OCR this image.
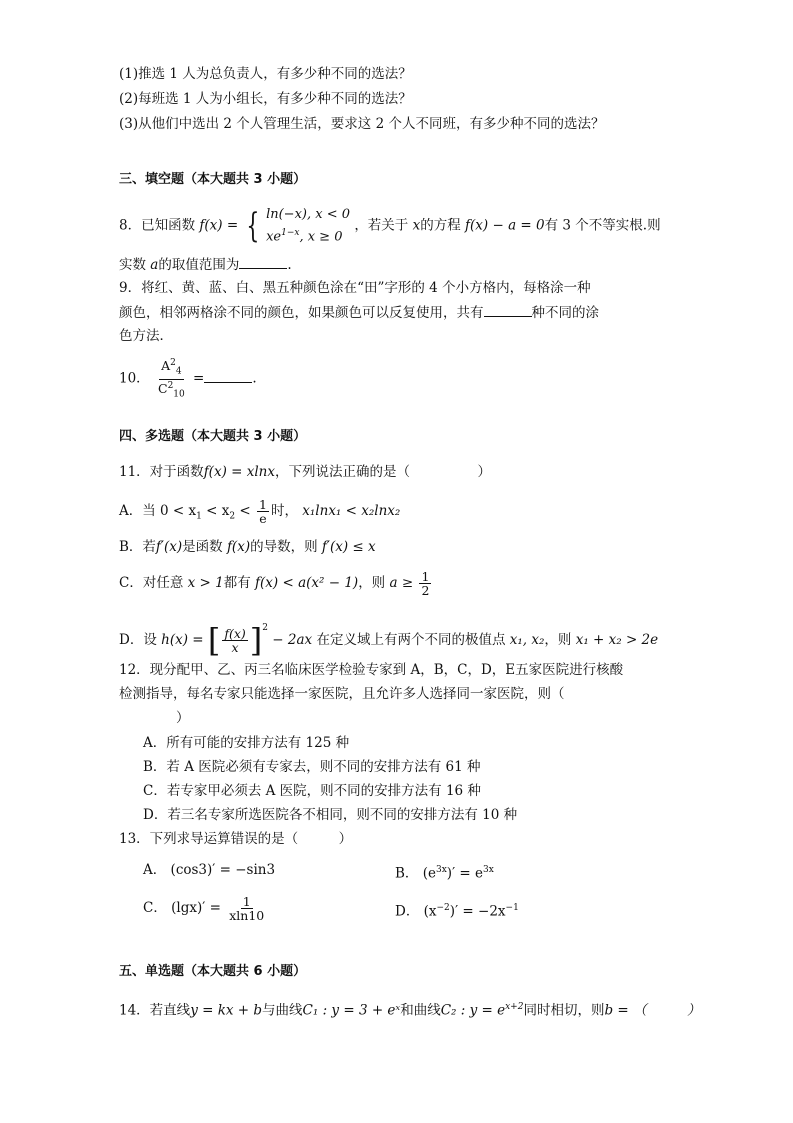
(1)推选 1 人为总负责人，有多少种不同的选法？
(2)每班选 1 人为小组长，有多少种不同的选法？
(3)从他们中选出 2 个人管理生活，要求这 2 个人不同班，有多少种不同的选法？
三、填空题（本大题共 3 小题）
8．已知函数 f(x) = { ln(−x), x < 0
$xe^{1-x}$, x ≥ 0
，若关于 x的方程 f(x) − a = 0有 3 个不等实根.则
实数 a的取值范围为	.
9．将红、黄、蓝、白、黑五种颜色涂在“田”字形的 4 个小方格内，每格涂一种
颜色，相邻两格涂不同的颜色，如果颜色可以反复使用，共有	种不同的涂
色方法．
10． $\frac{A^2_4}{C^2_{10}}$ =	.
四、多选题（本大题共 3 小题）
11．对于函数f(x) = xlnx，下列说法正确的是（　　　　　）
A．当 $0 < x_1 < x_2 < \frac{1}{e}$ 时， x₁lnx₁ < x₂lnx₂
B．若f′(x)是函数 f(x)的导数，则 f′(x) ≤ x
C．对任意 x > 1都有 f(x) < a(x² − 1)，则 $a \ge \frac{1}{2}$
D．设 h(x) = [ $\frac{f(x)}{x} ]^2 - 2ax$ 在定义域上有两个不同的极值点 x₁, x₂，则 x₁ + x₂ > 2e
12．现分配甲、乙、丙三名临床医学检验专家到 A，B，C，D，E五家医院进行核酸
检测指导，每名专家只能选择一家医院，且允许多人选择同一家医院，则（
）
A．所有可能的安排方法有 125 种
B．若 A 医院必须有专家去，则不同的安排方法有 61 种
C．若专家甲必须去 A 医院，则不同的安排方法有 16 种
D．若三名专家所选医院各不相同，则不同的安排方法有 10 种
13．下列求导运算错误的是（　　　）
A． (cos3)′ = −sin3	B． $(e^{3x})' = e^{3x}$
C． $(\lg x)' = \frac{1}{xln10}$	D． $(x^{-2})' = -2x^{-1}$
五、单选题（本大题共 6 小题）
14．若直线y = kx + b与曲线C₁ : y = 3 + eˣ和曲线C₂ : $y = e^{x+2}$同时相切，则b = （　　　）
